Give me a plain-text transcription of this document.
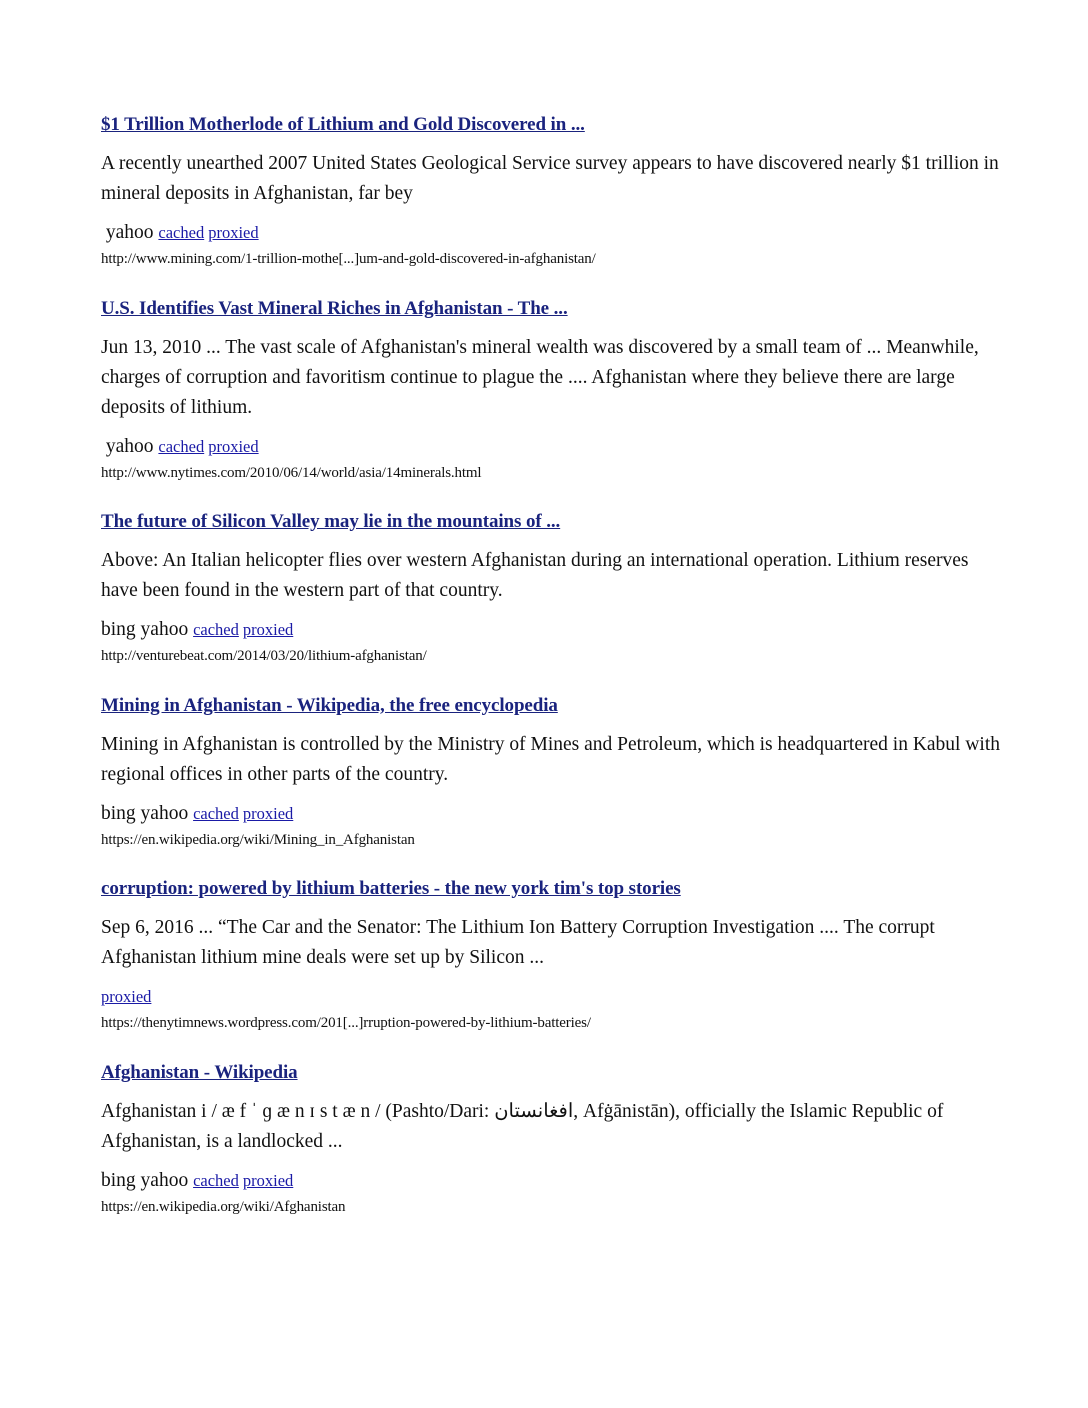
$1 Trillion Motherlode of Lithium and Gold Discovered in ...
A recently unearthed 2007 United States Geological Service survey appears to have discovered nearly $1 trillion in mineral deposits in Afghanistan, far bey
yahoo cached proxied
http://www.mining.com/1-trillion-mothe[...]um-and-gold-discovered-in-afghanistan/
U.S. Identifies Vast Mineral Riches in Afghanistan - The ...
Jun 13, 2010 ... The vast scale of Afghanistan's mineral wealth was discovered by a small team of ... Meanwhile, charges of corruption and favoritism continue to plague the .... Afghanistan where they believe there are large deposits of lithium.
yahoo cached proxied
http://www.nytimes.com/2010/06/14/world/asia/14minerals.html
The future of Silicon Valley may lie in the mountains of ...
Above: An Italian helicopter flies over western Afghanistan during an international operation. Lithium reserves have been found in the western part of that country.
bing yahoo cached proxied
http://venturebeat.com/2014/03/20/lithium-afghanistan/
Mining in Afghanistan - Wikipedia, the free encyclopedia
Mining in Afghanistan is controlled by the Ministry of Mines and Petroleum, which is headquartered in Kabul with regional offices in other parts of the country.
bing yahoo cached proxied
https://en.wikipedia.org/wiki/Mining_in_Afghanistan
corruption: powered by lithium batteries - the new york tim's top stories
Sep 6, 2016 ... “The Car and the Senator: The Lithium Ion Battery Corruption Investigation .... The corrupt Afghanistan lithium mine deals were set up by Silicon ...
proxied
https://thenytimnews.wordpress.com/201[...]rruption-powered-by-lithium-batteries/
Afghanistan - Wikipedia
Afghanistan i / æ f ˈ ɡ æ n ɪ s t æ n / (Pashto/Dari: افغانستان, Afġānistān), officially the Islamic Republic of Afghanistan, is a landlocked ...
bing yahoo cached proxied
https://en.wikipedia.org/wiki/Afghanistan
